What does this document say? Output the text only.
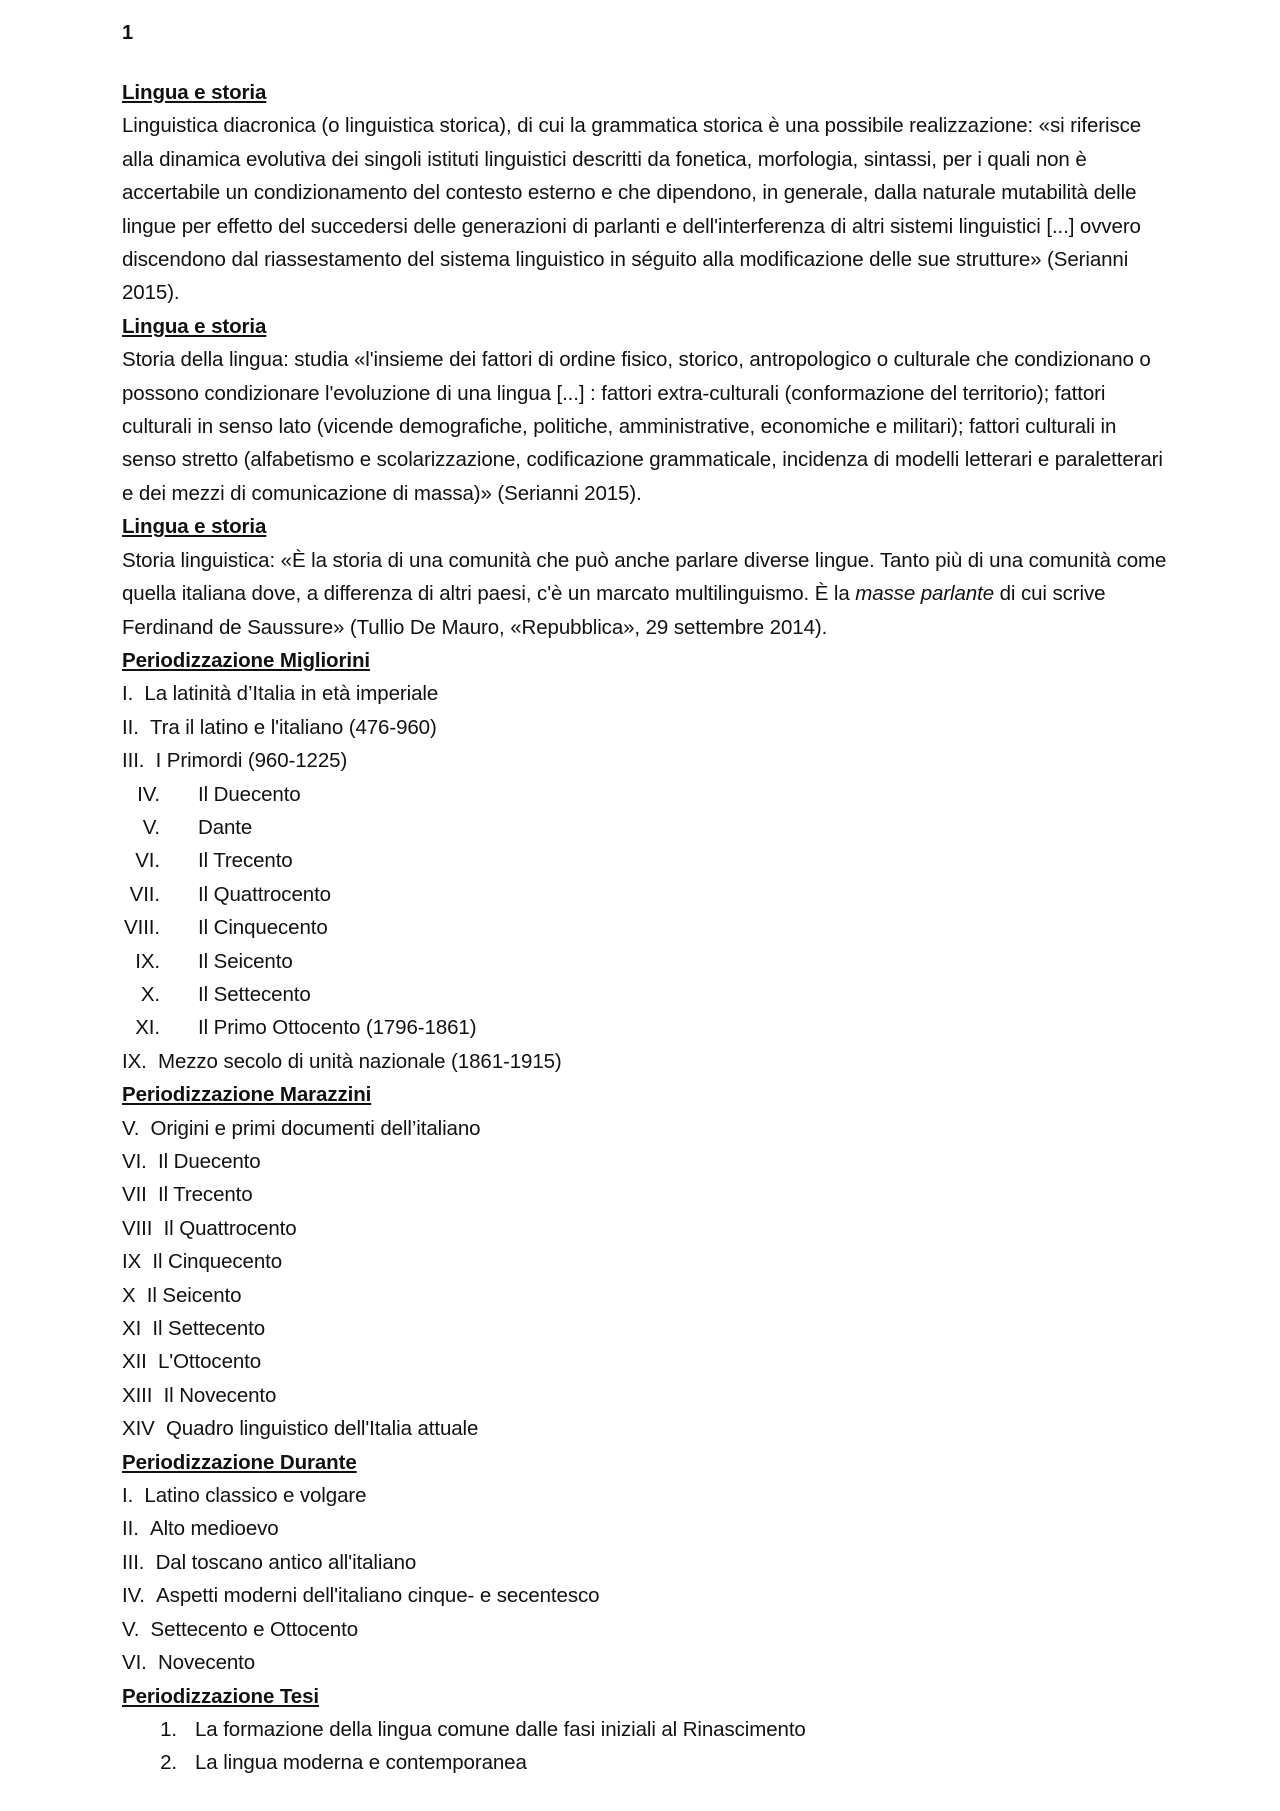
1
Lingua e storia

Linguistica diacronica (o linguistica storica), di cui la grammatica storica è una possibile realizzazione: «si riferisce alla dinamica evolutiva dei singoli istituti linguistici descritti da fonetica, morfologia, sintassi, per i quali non è accertabile un condizionamento del contesto esterno e che dipendono, in generale, dalla naturale mutabilità delle lingue per effetto del succedersi delle generazioni di parlanti e dell'interferenza di altri sistemi linguistici [...] ovvero discendono dal riassestamento del sistema linguistico in séguito alla modificazione delle sue strutture» (Serianni 2015).

Lingua e storia

Storia della lingua: studia «l'insieme dei fattori di ordine fisico, storico, antropologico o culturale che condizionano o possono condizionare l'evoluzione di una lingua [...] : fattori extra-culturali (conformazione del territorio); fattori culturali in senso lato (vicende demografiche, politiche, amministrative, economiche e militari); fattori culturali in senso stretto (alfabetismo e scolarizzazione, codificazione grammaticale, incidenza di modelli letterari e paraletterari e dei mezzi di comunicazione di massa)» (Serianni 2015).

Lingua e storia

Storia linguistica: «È la storia di una comunità che può anche parlare diverse lingue. Tanto più di una comunità come quella italiana dove, a differenza di altri paesi, c'è un marcato multilinguismo. È la masse parlante di cui scrive Ferdinand de Saussure» (Tullio De Mauro, «Repubblica», 29 settembre 2014).

Periodizzazione Migliorini
I. La latinità d’Italia in età imperiale
II. Tra il latino e l'italiano (476-960)
III. I Primordi (960-1225)
IV. Il Duecento
V. Dante
VI. Il Trecento
VII. Il Quattrocento
VIII. Il Cinquecento
IX. Il Seicento
X. Il Settecento
XI. Il Primo Ottocento (1796-1861)
IX. Mezzo secolo di unità nazionale (1861-1915)
Periodizzazione Marazzini
V. Origini e primi documenti dell’italiano
VI. Il Duecento
VII Il Trecento
VIII Il Quattrocento
IX Il Cinquecento
X Il Seicento
XI Il Settecento
XII L'Ottocento
XIII Il Novecento
XIV Quadro linguistico dell'Italia attuale
Periodizzazione Durante
I. Latino classico e volgare
II. Alto medioevo
III. Dal toscano antico all'italiano
IV. Aspetti moderni dell'italiano cinque- e secentesco
V. Settecento e Ottocento
VI. Novecento
Periodizzazione Tesi
1. La formazione della lingua comune dalle fasi iniziali al Rinascimento
2. La lingua moderna e contemporanea
